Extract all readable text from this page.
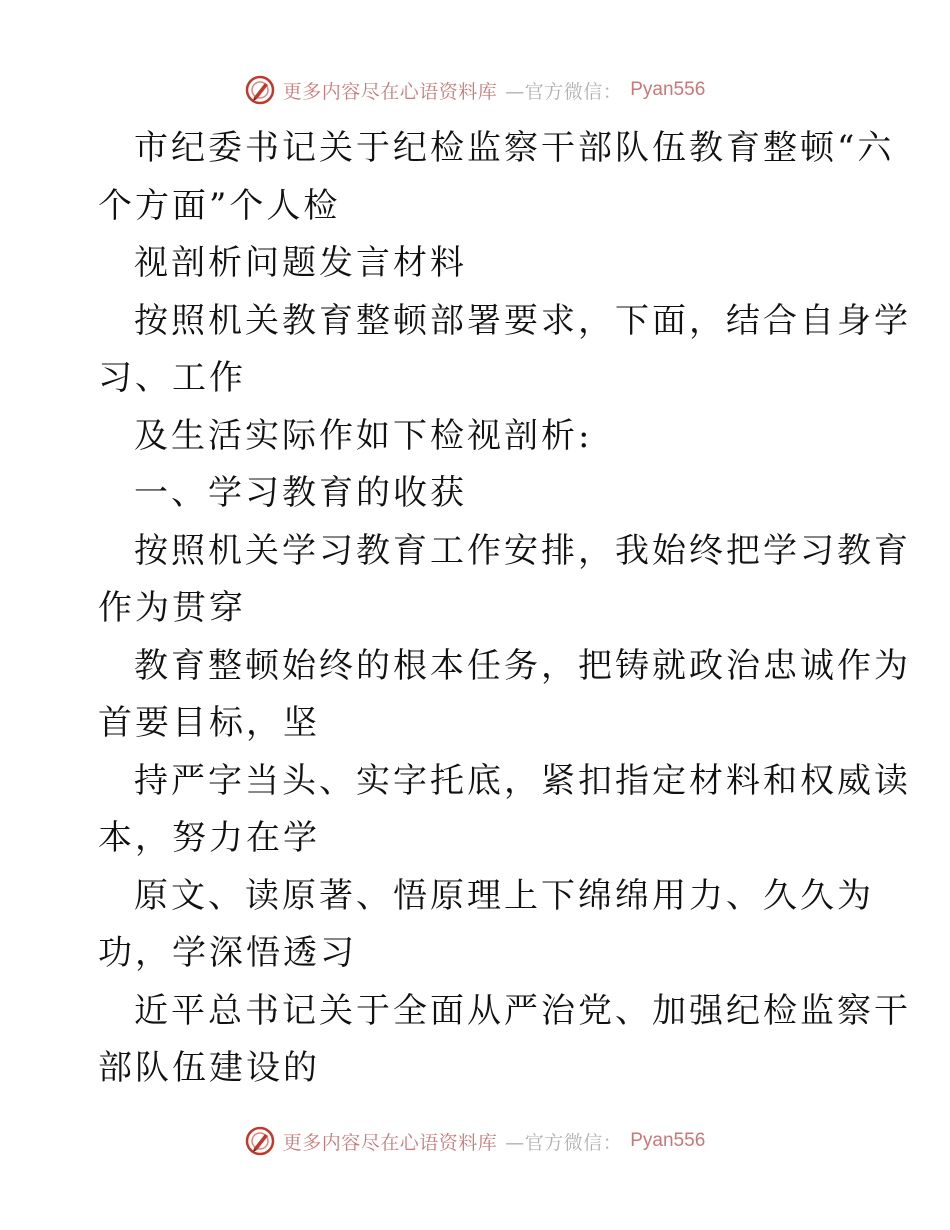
更多内容尽在心语资料库 —官方微信： Pyan556
市纪委书记关于纪检监察干部队伍教育整顿“六
个方面”个人检
视剖析问题发言材料
按照机关教育整顿部署要求，下面，结合自身学
习、工作
及生活实际作如下检视剖析:
一、学习教育的收获
按照机关学习教育工作安排，我始终把学习教育
作为贯穿
教育整顿始终的根本任务，把铸就政治忠诚作为
首要目标，坚
持严字当头、实字托底，紧扣指定材料和权威读
本，努力在学
原文、读原著、悟原理上下绵绵用力、久久为
功，学深悟透习
近平总书记关于全面从严治党、加强纪检监察干
部队伍建设的
更多内容尽在心语资料库 —官方微信： Pyan556
